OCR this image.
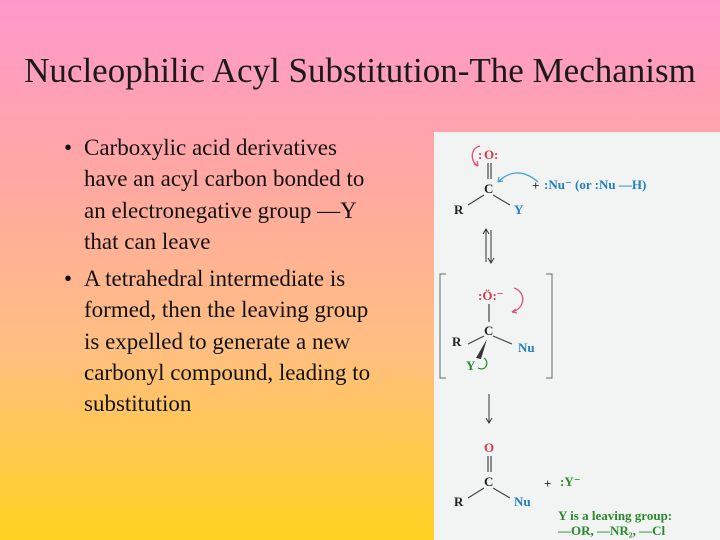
Nucleophilic Acyl Substitution-The Mechanism
• Carboxylic acid derivatives have an acyl carbon bonded to an electronegative group —Y that can leave
• A tetrahedral intermediate is formed, then the leaving group is expelled to generate a new carbonyl compound, leading to substitution
O
: :
C
R	Y
+ :Nu⁻ (or :Nu —H)
:Ö:⁻
C
R	Nu
Y
O
C
R	Nu
+ :Y⁻
Y is a leaving group:
—OR, —NR₂, —Cl
